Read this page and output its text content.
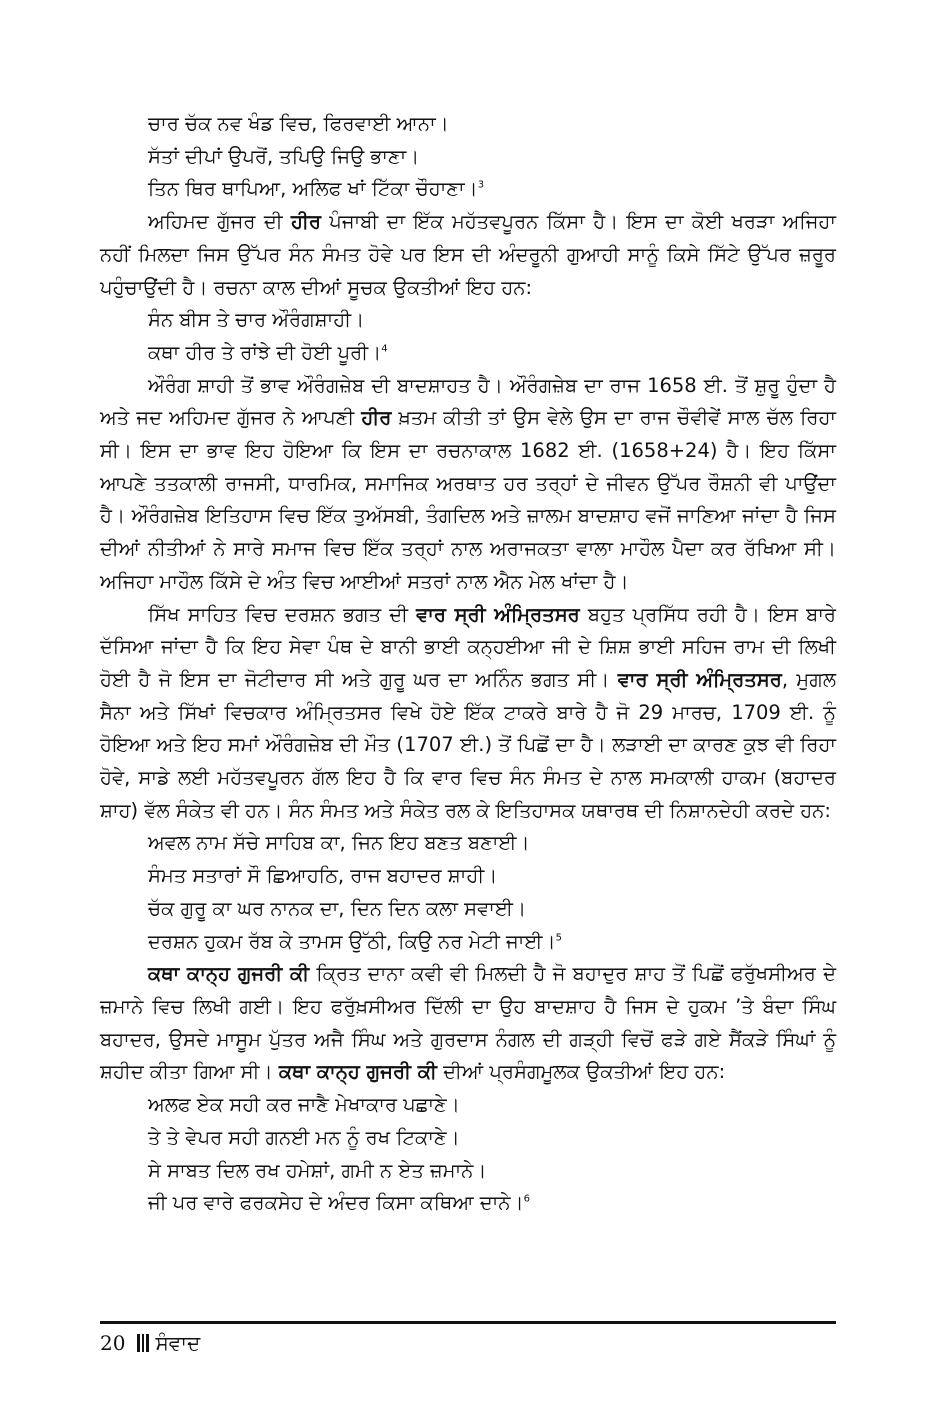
ਚਾਰ ਚੱਕ ਨਵ ਖੰਡ ਵਿਚ, ਫਿਰਵਾਈ ਆਨਾ।
ਸੱਤਾਂ ਦੀਪਾਂ ਉਪਰੋਂ, ਤਪਿਉ ਜਿਉ ਭਾਣਾ।
ਤਿਨ ਥਿਰ ਥਾਪਿਆ, ਅਲਿਫ ਖਾਂ ਟਿੱਕਾ ਚੌਹਾਣਾ।$^3$

ਅਹਿਮਦ ਗੁੱਜਰ ਦੀ ਹੀਰ ਪੰਜਾਬੀ ਦਾ ਇੱਕ ਮਹੱਤਵਪੂਰਨ ਕਿੱਸਾ ਹੈ। ਇਸ ਦਾ ਕੋਈ ਖਰੜਾ ਅਜਿਹਾ ਨਹੀਂ ਮਿਲਦਾ ਜਿਸ ਉੱਪਰ ਸੰਨ ਸੰਮਤ ਹੋਵੇ ਪਰ ਇਸ ਦੀ ਅੰਦਰੂਨੀ ਗੁਆਹੀ ਸਾਨੂੰ ਕਿਸੇ ਸਿੱਟੇ ਉੱਪਰ ਜ਼ਰੂਰ ਪਹੁੰਚਾਉਂਦੀ ਹੈ। ਰਚਨਾ ਕਾਲ ਦੀਆਂ ਸੂਚਕ ਉਕਤੀਆਂ ਇਹ ਹਨ:

ਸੰਨ ਬੀਸ ਤੇ ਚਾਰ ਔਰੰਗਸ਼ਾਹੀ।
ਕਥਾ ਹੀਰ ਤੇ ਰਾਂਝੇ ਦੀ ਹੋਈ ਪੂਰੀ।$^4$

ਔਰੰਗ ਸ਼ਾਹੀ ਤੋਂ ਭਾਵ ਔਰੰਗਜ਼ੇਬ ਦੀ ਬਾਦਸ਼ਾਹਤ ਹੈ। ਔਰੰਗਜ਼ੇਬ ਦਾ ਰਾਜ 1658 ਈ. ਤੋਂ ਸ਼ੁਰੂ ਹੁੰਦਾ ਹੈ ਅਤੇ ਜਦ ਅਹਿਮਦ ਗੁੱਜਰ ਨੇ ਆਪਣੀ ਹੀਰ ਖ਼ਤਮ ਕੀਤੀ ਤਾਂ ਉਸ ਵੇਲੇ ਉਸ ਦਾ ਰਾਜ ਚੌਵੀਵੇਂ ਸਾਲ ਚੱਲ ਰਿਹਾ ਸੀ। ਇਸ ਦਾ ਭਾਵ ਇਹ ਹੋਇਆ ਕਿ ਇਸ ਦਾ ਰਚਨਾਕਾਲ 1682 ਈ. (1658+24) ਹੈ। ਇਹ ਕਿੱਸਾ ਆਪਣੇ ਤਤਕਾਲੀ ਰਾਜਸੀ, ਧਾਰਮਿਕ, ਸਮਾਜਿਕ ਅਰਥਾਤ ਹਰ ਤਰ੍ਹਾਂ ਦੇ ਜੀਵਨ ਉੱਪਰ ਰੌਸ਼ਨੀ ਵੀ ਪਾਉਂਦਾ ਹੈ। ਔਰੰਗਜ਼ੇਬ ਇਤਿਹਾਸ ਵਿਚ ਇੱਕ ਤੁਅੱਸਬੀ, ਤੰਗਦਿਲ ਅਤੇ ਜ਼ਾਲਮ ਬਾਦਸ਼ਾਹ ਵਜੋਂ ਜਾਣਿਆ ਜਾਂਦਾ ਹੈ ਜਿਸ ਦੀਆਂ ਨੀਤੀਆਂ ਨੇ ਸਾਰੇ ਸਮਾਜ ਵਿਚ ਇੱਕ ਤਰ੍ਹਾਂ ਨਾਲ ਅਰਾਜਕਤਾ ਵਾਲਾ ਮਾਹੌਲ ਪੈਦਾ ਕਰ ਰੱਖਿਆ ਸੀ। ਅਜਿਹਾ ਮਾਹੌਲ ਕਿੱਸੇ ਦੇ ਅੰਤ ਵਿਚ ਆਈਆਂ ਸਤਰਾਂ ਨਾਲ ਐਨ ਮੇਲ ਖਾਂਦਾ ਹੈ।

ਸਿੱਖ ਸਾਹਿਤ ਵਿਚ ਦਰਸ਼ਨ ਭਗਤ ਦੀ ਵਾਰ ਸ੍ਰੀ ਅੰਮ੍ਰਿਤਸਰ ਬਹੁਤ ਪ੍ਰਸਿੱਧ ਰਹੀ ਹੈ। ਇਸ ਬਾਰੇ ਦੱਸਿਆ ਜਾਂਦਾ ਹੈ ਕਿ ਇਹ ਸੇਵਾ ਪੰਥ ਦੇ ਬਾਨੀ ਭਾਈ ਕਨ੍ਹਈਆ ਜੀ ਦੇ ਸ਼ਿਸ਼ ਭਾਈ ਸਹਿਜ ਰਾਮ ਦੀ ਲਿਖੀ ਹੋਈ ਹੈ ਜੋ ਇਸ ਦਾ ਜੋਟੀਦਾਰ ਸੀ ਅਤੇ ਗੁਰੂ ਘਰ ਦਾ ਅਨਿੰਨ ਭਗਤ ਸੀ। ਵਾਰ ਸ੍ਰੀ ਅੰਮ੍ਰਿਤਸਰ, ਮੁਗਲ ਸੈਨਾ ਅਤੇ ਸਿੱਖਾਂ ਵਿਚਕਾਰ ਅੰਮ੍ਰਿਤਸਰ ਵਿਖੇ ਹੋਏ ਇੱਕ ਟਾਕਰੇ ਬਾਰੇ ਹੈ ਜੋ 29 ਮਾਰਚ, 1709 ਈ. ਨੂੰ ਹੋਇਆ ਅਤੇ ਇਹ ਸਮਾਂ ਔਰੰਗਜ਼ੇਬ ਦੀ ਮੌਤ (1707 ਈ.) ਤੋਂ ਪਿਛੋਂ ਦਾ ਹੈ। ਲੜਾਈ ਦਾ ਕਾਰਣ ਕੁਝ ਵੀ ਰਿਹਾ ਹੋਵੇ, ਸਾਡੇ ਲਈ ਮਹੱਤਵਪੂਰਨ ਗੱਲ ਇਹ ਹੈ ਕਿ ਵਾਰ ਵਿਚ ਸੰਨ ਸੰਮਤ ਦੇ ਨਾਲ ਸਮਕਾਲੀ ਹਾਕਮ (ਬਹਾਦਰ ਸ਼ਾਹ) ਵੱਲ ਸੰਕੇਤ ਵੀ ਹਨ। ਸੰਨ ਸੰਮਤ ਅਤੇ ਸੰਕੇਤ ਰਲ ਕੇ ਇਤਿਹਾਸਕ ਯਥਾਰਥ ਦੀ ਨਿਸ਼ਾਨਦੇਹੀ ਕਰਦੇ ਹਨ:

ਅਵਲ ਨਾਮ ਸੱਚੇ ਸਾਹਿਬ ਕਾ, ਜਿਨ ਇਹ ਬਣਤ ਬਣਾਈ।
ਸੰਮਤ ਸਤਾਰਾਂ ਸੌ ਛਿਆਹਠਿ, ਰਾਜ ਬਹਾਦਰ ਸ਼ਾਹੀ।
ਚੱਕ ਗੁਰੂ ਕਾ ਘਰ ਨਾਨਕ ਦਾ, ਦਿਨ ਦਿਨ ਕਲਾ ਸਵਾਈ।
ਦਰਸ਼ਨ ਹੁਕਮ ਰੱਬ ਕੇ ਤਾਮਸ ਉੱਠੀ, ਕਿਉ ਨਰ ਮੇਟੀ ਜਾਈ।$^5$

ਕਥਾ ਕਾਨ੍ਹ ਗੁਜਰੀ ਕੀ ਕ੍ਰਿਤ ਦਾਨਾ ਕਵੀ ਵੀ ਮਿਲਦੀ ਹੈ ਜੋ ਬਹਾਦੁਰ ਸ਼ਾਹ ਤੋਂ ਪਿਛੋਂ ਫਰੁੱਖਸੀਅਰ ਦੇ ਜ਼ਮਾਨੇ ਵਿਚ ਲਿਖੀ ਗਈ। ਇਹ ਫਰੁੱਖ਼ਸੀਅਰ ਦਿੱਲੀ ਦਾ ਉਹ ਬਾਦਸ਼ਾਹ ਹੈ ਜਿਸ ਦੇ ਹੁਕਮ ’ਤੇ ਬੰਦਾ ਸਿੰਘ ਬਹਾਦਰ, ਉਸਦੇ ਮਾਸੂਮ ਪੁੱਤਰ ਅਜੈ ਸਿੰਘ ਅਤੇ ਗੁਰਦਾਸ ਨੰਗਲ ਦੀ ਗੜ੍ਹੀ ਵਿਚੋਂ ਫੜੇ ਗਏ ਸੈਂਕੜੇ ਸਿੰਘਾਂ ਨੂੰ ਸ਼ਹੀਦ ਕੀਤਾ ਗਿਆ ਸੀ। ਕਥਾ ਕਾਨ੍ਹ ਗੁਜਰੀ ਕੀ ਦੀਆਂ ਪ੍ਰਸੰਗਮੂਲਕ ਉਕਤੀਆਂ ਇਹ ਹਨ:

ਅਲਫ ਏਕ ਸਹੀ ਕਰ ਜਾਣੈ ਮੇਖਾਕਾਰ ਪਛਾਣੇ।
ਤੇ ਤੇ ਵੇਪਰ ਸਹੀ ਗਨਈ ਮਨ ਨੂੰ ਰਖ ਟਿਕਾਣੇ।
ਸੇ ਸਾਬਤ ਦਿਲ ਰਖ ਹਮੇਸ਼ਾਂ, ਗਮੀ ਨ ਏਤ ਜ਼ਮਾਨੇ।
ਜੀ ਪਰ ਵਾਰੇ ਫਰਕਸੇਹ ਦੇ ਅੰਦਰ ਕਿਸਾ ਕਥਿਆ ਦਾਨੇ।$^6$
20 ਸੰਵਾਦ
